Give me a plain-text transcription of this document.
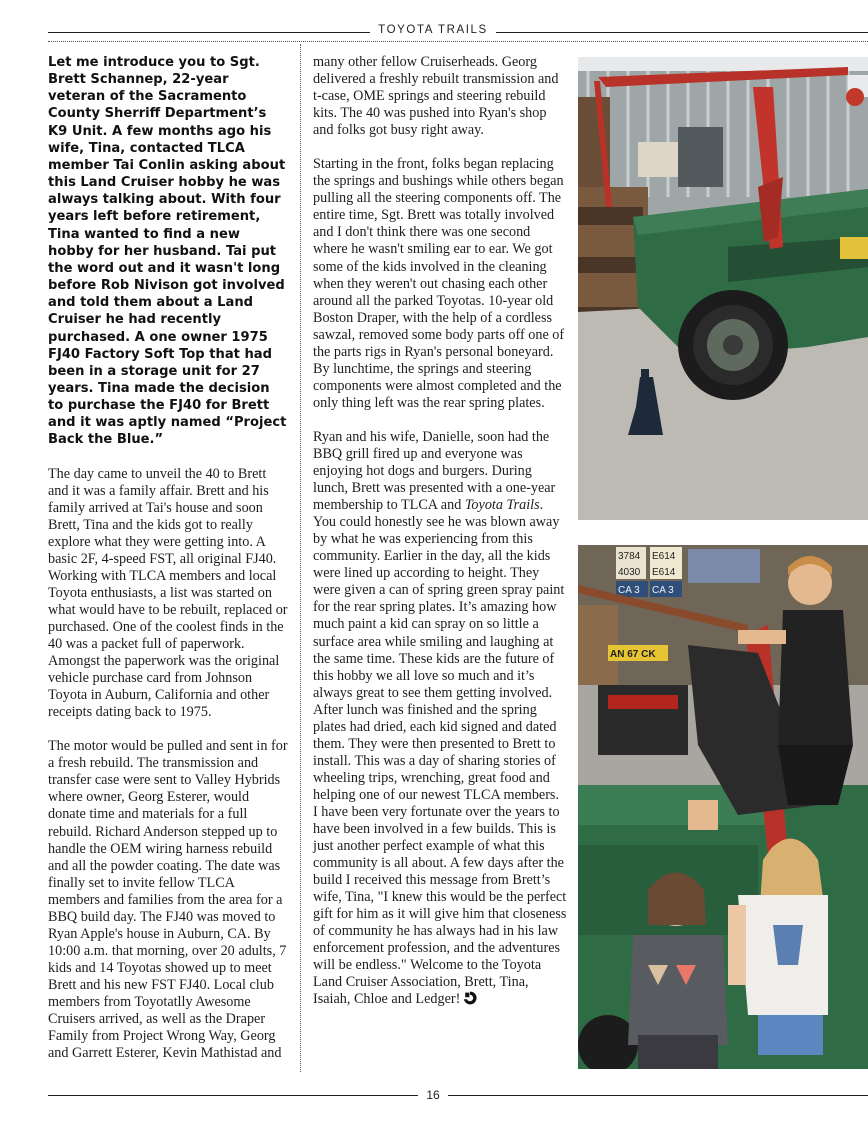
TOYOTA TRAILS

Let me introduce you to Sgt. Brett Schannep, 22-year veteran of the Sacramento County Sherriff Department’s K9 Unit. A few months ago his wife, Tina, contacted TLCA member Tai Conlin asking about this Land Cruiser hobby he was always talking about. With four years left before retirement, Tina wanted to find a new hobby for her husband. Tai put the word out and it wasn't long before Rob Nivison got involved and told them about a Land Cruiser he had recently purchased. A one owner 1975 FJ40 Factory Soft Top that had been in a storage unit for 27 years. Tina made the decision to purchase the FJ40 for Brett and it was aptly named “Project Back the Blue.”

The day came to unveil the 40 to Brett and it was a family affair. Brett and his family arrived at Tai's house and soon Brett, Tina and the kids got to really explore what they were getting into. A basic 2F, 4-speed FST, all original FJ40. Working with TLCA members and local Toyota enthusiasts, a list was started on what would have to be rebuilt, replaced or purchased. One of the coolest finds in the 40 was a packet full of paperwork. Amongst the paperwork was the original vehicle purchase card from Johnson Toyota in Auburn, California and other receipts dating back to 1975.

The motor would be pulled and sent in for a fresh rebuild. The transmission and transfer case were sent to Valley Hybrids where owner, Georg Esterer, would donate time and materials for a full rebuild. Richard Anderson stepped up to handle the OEM wiring harness rebuild and all the powder coating. The date was finally set to invite fellow TLCA members and families from the area for a BBQ build day. The FJ40 was moved to Ryan Apple's house in Auburn, CA. By 10:00 a.m. that morning, over 20 adults, 7 kids and 14 Toyotas showed up to meet Brett and his new FST FJ40. Local club members from Toyotatlly Awesome Cruisers arrived, as well as the Draper Family from Project Wrong Way, Georg and Garrett Esterer, Kevin Mathistad and

many other fellow Cruiserheads. Georg delivered a freshly rebuilt transmission and t-case, OME springs and steering rebuild kits. The 40 was pushed into Ryan's shop and folks got busy right away.

Starting in the front, folks began replacing the springs and bushings while others began pulling all the steering components off. The entire time, Sgt. Brett was totally involved and I don't think there was one second where he wasn't smiling ear to ear. We got some of the kids involved in the cleaning when they weren't out chasing each other around all the parked Toyotas. 10-year old Boston Draper, with the help of a cordless sawzal, removed some body parts off one of the parts rigs in Ryan's personal boneyard. By lunchtime, the springs and steering components were almost completed and the only thing left was the rear spring plates.

Ryan and his wife, Danielle, soon had the BBQ grill fired up and everyone was enjoying hot dogs and burgers. During lunch, Brett was presented with a one-year membership to TLCA and Toyota Trails. You could honestly see he was blown away by what he was experiencing from this community. Earlier in the day, all the kids were lined up according to height. They were given a can of spring green spray paint for the rear spring plates. It’s amazing how much paint a kid can spray on so little a surface area while smiling and laughing at the same time. These kids are the future of this hobby we all love so much and it’s always great to see them getting involved. After lunch was finished and the spring plates had dried, each kid signed and dated them. They were then presented to Brett to install. This was a day of sharing stories of wheeling trips, wrenching, great food and helping one of our newest TLCA members. I have been very fortunate over the years to have been involved in a few builds. This is just another perfect example of what this community is all about. A few days after the build I received this message from Brett’s wife, Tina, "I knew this would be the perfect gift for him as it will give him that closeness of community he has always had in his law enforcement profession, and the adventures will be endless." Welcome to the Toyota Land Cruiser Association, Brett, Tina, Isaiah, Chloe and Ledger!

3784 E614
4030 E614
CA 3 CA 3
AN 67 CK
16
